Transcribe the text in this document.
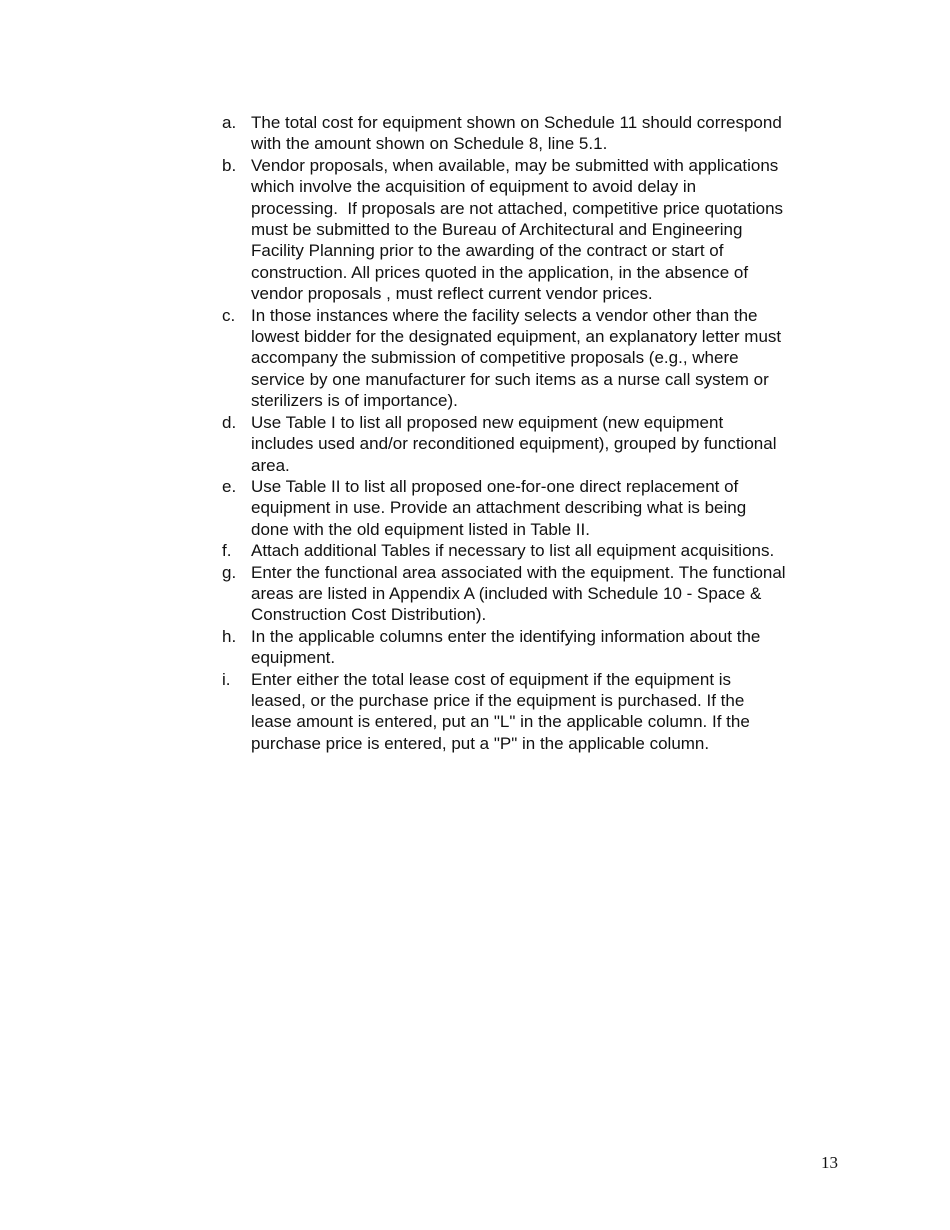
a. The total cost for equipment shown on Schedule 11 should correspond
with the amount shown on Schedule 8, line 5.1.
b. Vendor proposals, when available, may be submitted with applications
which involve the acquisition of equipment to avoid delay in
processing.  If proposals are not attached, competitive price quotations
must be submitted to the Bureau of Architectural and Engineering
Facility Planning prior to the awarding of the contract or start of
construction. All prices quoted in the application, in the absence of
vendor proposals , must reflect current vendor prices.
c. In those instances where the facility selects a vendor other than the
lowest bidder for the designated equipment, an explanatory letter must
accompany the submission of competitive proposals (e.g., where
service by one manufacturer for such items as a nurse call system or
sterilizers is of importance).
d. Use Table I to list all proposed new equipment (new equipment
includes used and/or reconditioned equipment), grouped by functional
area.
e. Use Table II to list all proposed one-for-one direct replacement of
equipment in use. Provide an attachment describing what is being
done with the old equipment listed in Table II.
f.	Attach additional Tables if necessary to list all equipment acquisitions.
g. Enter the functional area associated with the equipment. The functional
areas are listed in Appendix A (included with Schedule 10 - Space &
Construction Cost Distribution).
h. In the applicable columns enter the identifying information about the
equipment.
i.	Enter either the total lease cost of equipment if the equipment is
leased, or the purchase price if the equipment is purchased. If the
lease amount is entered, put an "L" in the applicable column. If the
purchase price is entered, put a "P" in the applicable column.
13
